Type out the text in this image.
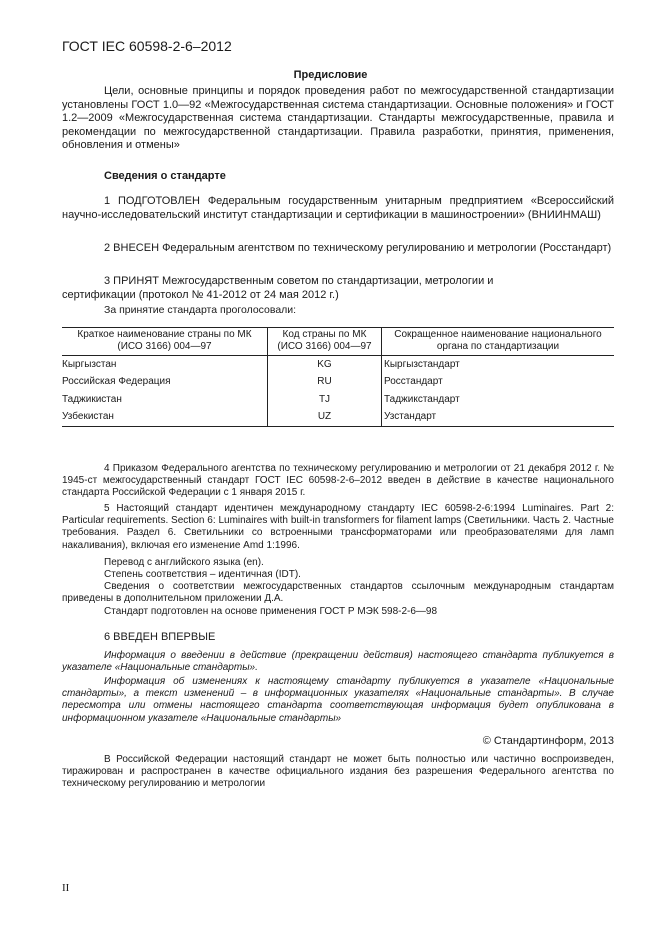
ГОСТ IEC 60598-2-6–2012
Предисловие

Цели, основные принципы и порядок проведения работ по межгосударственной стандартизации установлены ГОСТ 1.0—92 «Межгосударственная система стандартизации. Основные положения» и ГОСТ 1.2—2009 «Межгосударственная система стандартизации. Стандарты межгосударственные, правила и рекомендации по межгосударственной стандартизации. Правила разработки, принятия, применения, обновления и отмены»

Сведения о стандарте

1 ПОДГОТОВЛЕН Федеральным государственным унитарным предприятием «Всероссийский научно-исследовательский институт стандартизации и сертификации в машиностроении» (ВНИИНМАШ)

2 ВНЕСЕН Федеральным агентством по техническому регулированию и метрологии (Росстандарт)

3 ПРИНЯТ Межгосударственным советом по стандартизации, метрологии и сертификации (протокол № 41-2012 от 24 мая 2012 г.)

За принятие стандарта проголосовали:
Краткое наименование страны по МК (ИСО 3166) 004—97	Код страны по МК (ИСО 3166) 004—97	Сокращенное наименование национального органа по стандартизации
Кыргызстан	KG	Кыргызстандарт
Российская Федерация	RU	Росстандарт
Таджикистан	TJ	Таджикстандарт
Узбекистан	UZ	Узстандарт

4 Приказом Федерального агентства по техническому регулированию и метрологии от 21 декабря 2012 г. № 1945-ст межгосударственный стандарт ГОСТ IEC 60598-2-6–2012 введен в действие в качестве национального стандарта Российской Федерации с 1 января 2015 г.

5 Настоящий стандарт идентичен международному стандарту IEC 60598-2-6:1994 Luminaires. Part 2: Particular requirements. Section 6: Luminaires with built-in transformers for filament lamps (Светильники. Часть 2. Частные требования. Раздел 6. Светильники со встроенными трансформаторами или преобразователями для ламп накаливания), включая его изменение Amd 1:1996.

Перевод с английского языка (en).
Степень соответствия – идентичная (IDT).

Сведения о соответствии межгосударственных стандартов ссылочным международным стандартам приведены в дополнительном приложении Д.А.

Стандарт подготовлен на основе применения ГОСТ Р МЭК 598-2-6—98
6 ВВЕДЕН ВПЕРВЫЕ

Информация о введении в действие (прекращении действия) настоящего стандарта публикуется в указателе «Национальные стандарты».

Информация об изменениях к настоящему стандарту публикуется в указателе «Национальные стандарты», а текст изменений – в информационных указателях «Национальные стандарты». В случае пересмотра или отмены настоящего стандарта соответствующая информация будет опубликована в информационном указателе «Национальные стандарты»

© Стандартинформ, 2013

В Российской Федерации настоящий стандарт не может быть полностью или частично воспроизведен, тиражирован и распространен в качестве официального издания без разрешения Федерального агентства по техническому регулированию и метрологии

II
